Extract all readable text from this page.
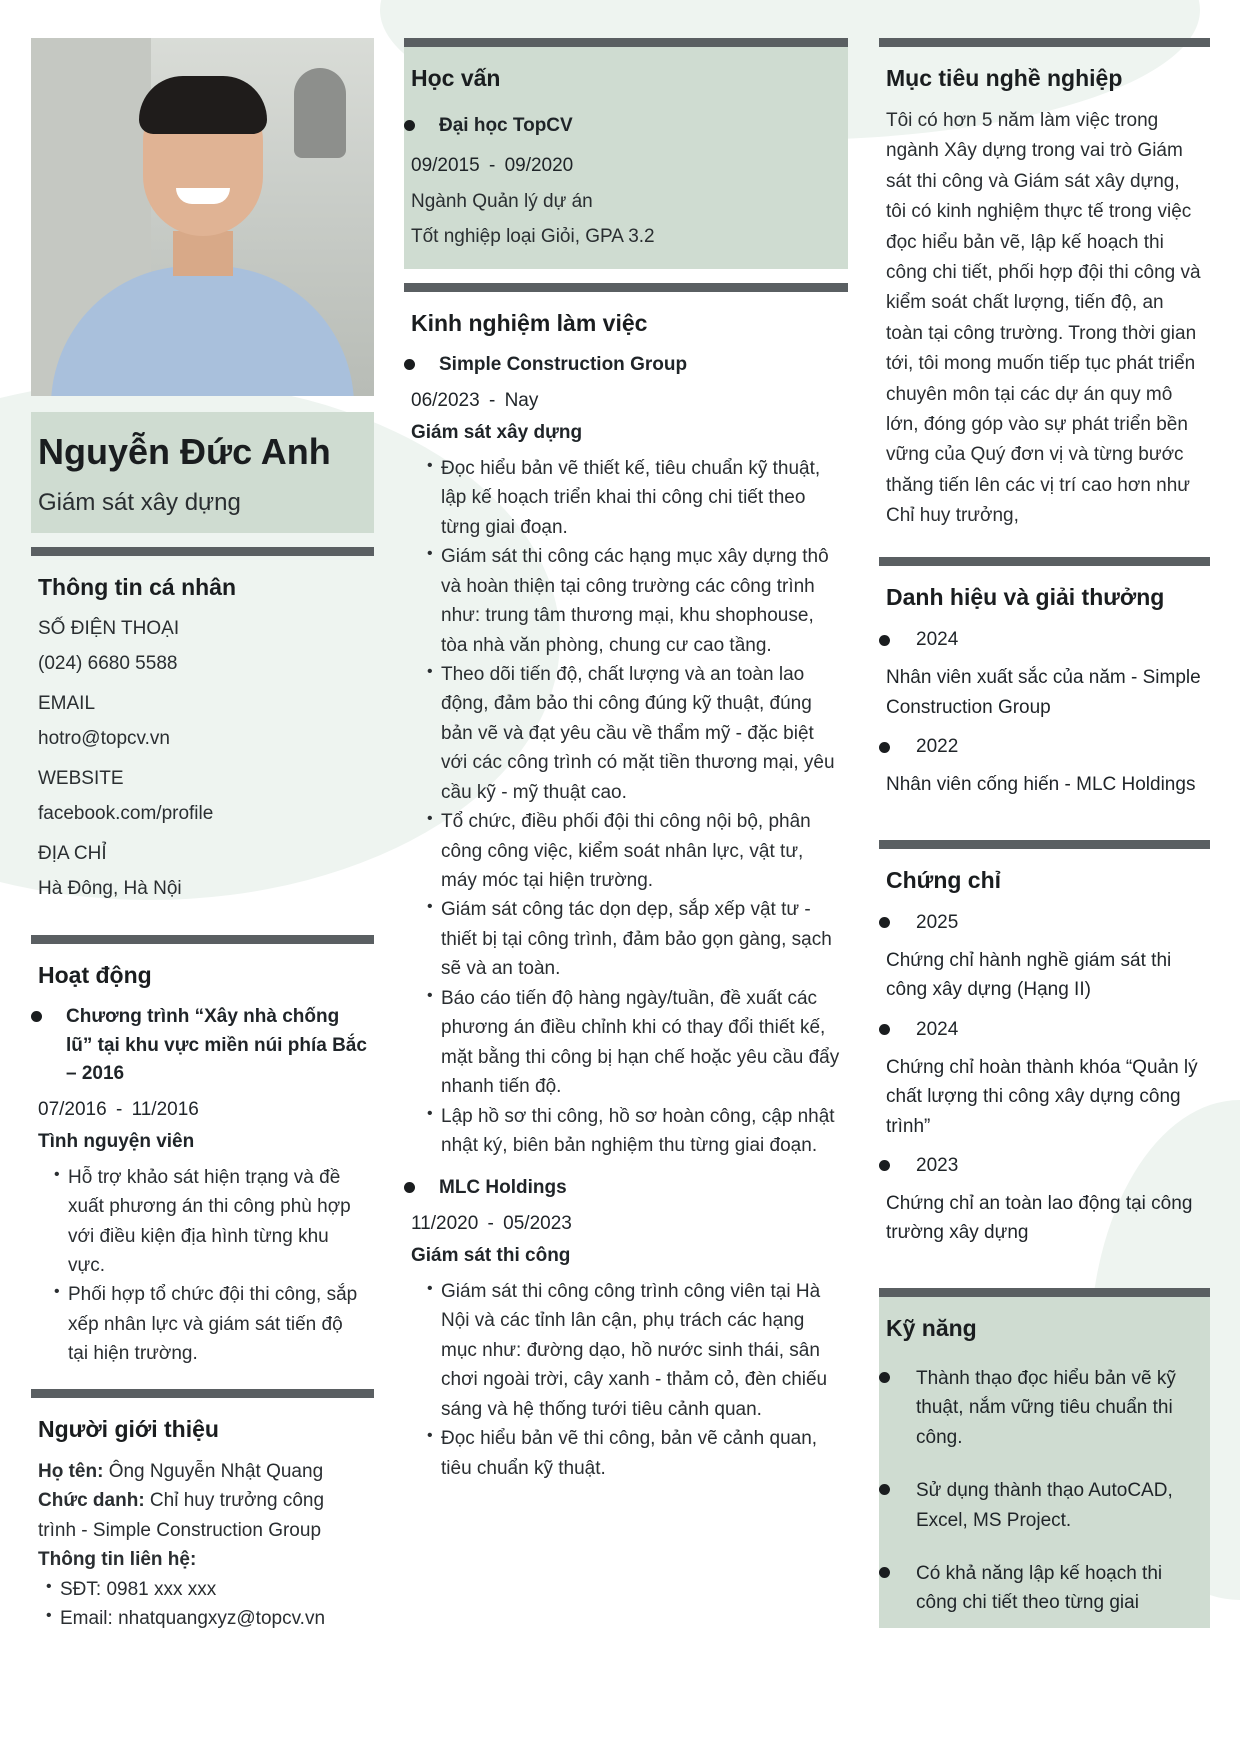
Nguyễn Đức Anh
Giám sát xây dựng
Thông tin cá nhân
SỐ ĐIỆN THOẠI
(024) 6680 5588
EMAIL
hotro@topcv.vn
WEBSITE
facebook.com/profile
ĐỊA CHỈ
Hà Đông, Hà Nội
Hoạt động
Chương trình “Xây nhà chống lũ” tại khu vực miền núi phía Bắc – 2016
07/2016 - 11/2016
Tình nguyện viên
• Hỗ trợ khảo sát hiện trạng và đề xuất phương án thi công phù hợp với điều kiện địa hình từng khu vực.
• Phối hợp tổ chức đội thi công, sắp xếp nhân lực và giám sát tiến độ tại hiện trường.
Người giới thiệu
Họ tên: Ông Nguyễn Nhật Quang
Chức danh: Chỉ huy trưởng công trình - Simple Construction Group
Thông tin liên hệ:
• SĐT: 0981 xxx xxx
• Email: nhatquangxyz@topcv.vn
Học vấn
Đại học TopCV
09/2015 - 09/2020
Ngành Quản lý dự án
Tốt nghiệp loại Giỏi, GPA 3.2
Kinh nghiệm làm việc
Simple Construction Group
06/2023 - Nay
Giám sát xây dựng
• Đọc hiểu bản vẽ thiết kế, tiêu chuẩn kỹ thuật, lập kế hoạch triển khai thi công chi tiết theo từng giai đoạn.
• Giám sát thi công các hạng mục xây dựng thô và hoàn thiện tại công trường các công trình như: trung tâm thương mại, khu shophouse, tòa nhà văn phòng, chung cư cao tầng.
• Theo dõi tiến độ, chất lượng và an toàn lao động, đảm bảo thi công đúng kỹ thuật, đúng bản vẽ và đạt yêu cầu về thẩm mỹ - đặc biệt với các công trình có mặt tiền thương mại, yêu cầu kỹ - mỹ thuật cao.
• Tổ chức, điều phối đội thi công nội bộ, phân công công việc, kiểm soát nhân lực, vật tư, máy móc tại hiện trường.
• Giám sát công tác dọn dẹp, sắp xếp vật tư - thiết bị tại công trình, đảm bảo gọn gàng, sạch sẽ và an toàn.
• Báo cáo tiến độ hàng ngày/tuần, đề xuất các phương án điều chỉnh khi có thay đổi thiết kế, mặt bằng thi công bị hạn chế hoặc yêu cầu đẩy nhanh tiến độ.
• Lập hồ sơ thi công, hồ sơ hoàn công, cập nhật nhật ký, biên bản nghiệm thu từng giai đoạn.
MLC Holdings
11/2020 - 05/2023
Giám sát thi công
• Giám sát thi công công trình công viên tại Hà Nội và các tỉnh lân cận, phụ trách các hạng mục như: đường dạo, hồ nước sinh thái, sân chơi ngoài trời, cây xanh - thảm cỏ, đèn chiếu sáng và hệ thống tưới tiêu cảnh quan.
• Đọc hiểu bản vẽ thi công, bản vẽ cảnh quan, tiêu chuẩn kỹ thuật.
Mục tiêu nghề nghiệp
Tôi có hơn 5 năm làm việc trong ngành Xây dựng trong vai trò Giám sát thi công và Giám sát xây dựng, tôi có kinh nghiệm thực tế trong việc đọc hiểu bản vẽ, lập kế hoạch thi công chi tiết, phối hợp đội thi công và kiểm soát chất lượng, tiến độ, an toàn tại công trường. Trong thời gian tới, tôi mong muốn tiếp tục phát triển chuyên môn tại các dự án quy mô lớn, đóng góp vào sự phát triển bền vững của Quý đơn vị và từng bước thăng tiến lên các vị trí cao hơn như Chỉ huy trưởng,
Danh hiệu và giải thưởng
2024
Nhân viên xuất sắc của năm - Simple Construction Group
2022
Nhân viên cống hiến - MLC Holdings
Chứng chỉ
2025
Chứng chỉ hành nghề giám sát thi công xây dựng (Hạng II)
2024
Chứng chỉ hoàn thành khóa “Quản lý chất lượng thi công xây dựng công trình”
2023
Chứng chỉ an toàn lao động tại công trường xây dựng
Kỹ năng
Thành thạo đọc hiểu bản vẽ kỹ thuật, nắm vững tiêu chuẩn thi công.
Sử dụng thành thạo AutoCAD, Excel, MS Project.
Có khả năng lập kế hoạch thi công chi tiết theo từng giai
